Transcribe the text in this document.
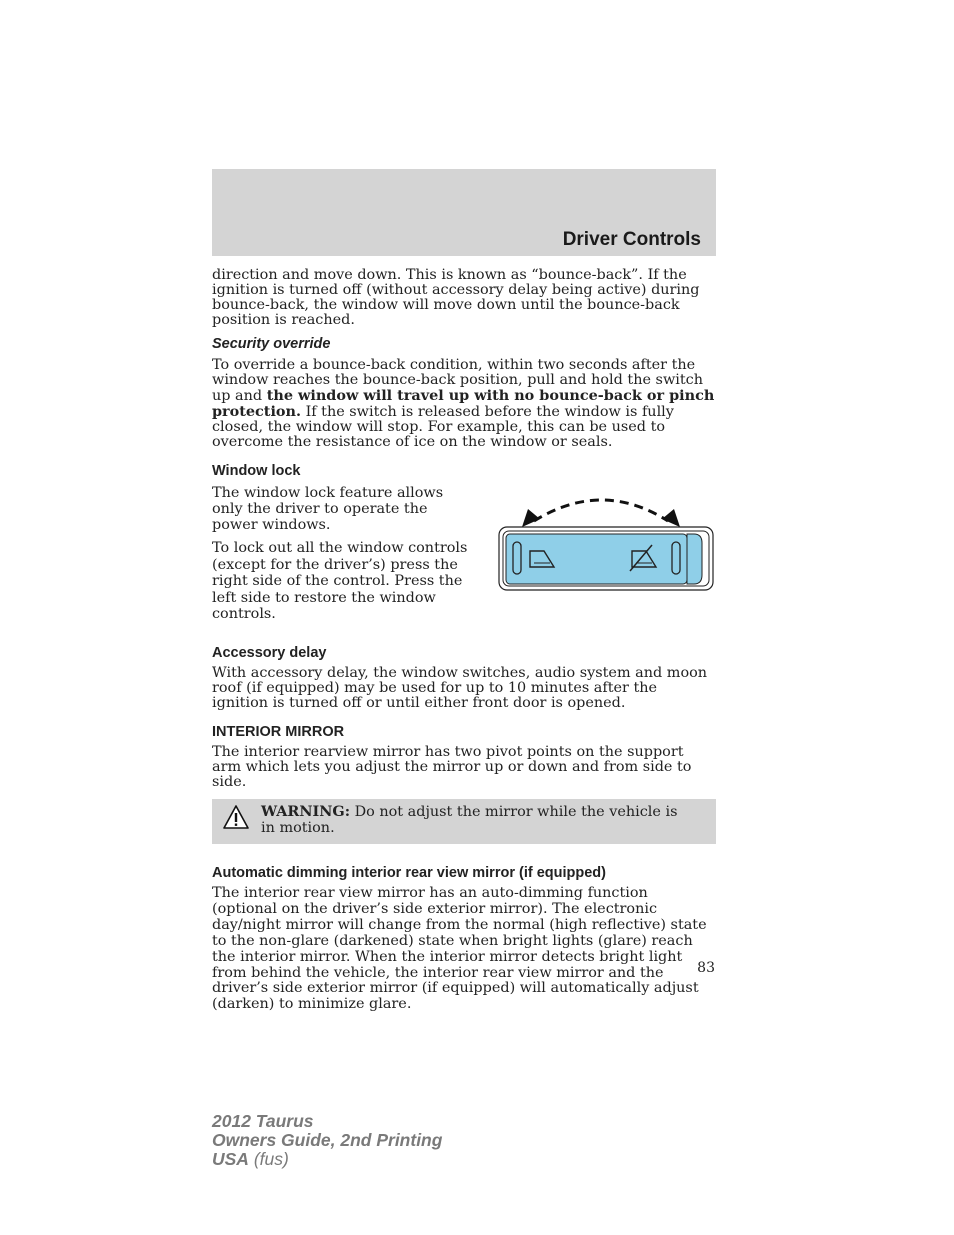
Driver Controls

direction and move down. This is known as “bounce-back”. If the ignition is turned off (without accessory delay being active) during bounce-back, the window will move down until the bounce-back position is reached.

Security override

To override a bounce-back condition, within two seconds after the window reaches the bounce-back position, pull and hold the switch up and the window will travel up with no bounce-back or pinch protection. If the switch is released before the window is fully closed, the window will stop. For example, this can be used to overcome the resistance of ice on the window or seals.

Window lock

The window lock feature allows only the driver to operate the power windows.

To lock out all the window controls (except for the driver’s) press the right side of the control. Press the left side to restore the window controls.

Accessory delay

With accessory delay, the window switches, audio system and moon roof (if equipped) may be used for up to 10 minutes after the ignition is turned off or until either front door is opened.

INTERIOR MIRROR

The interior rearview mirror has two pivot points on the support arm which lets you adjust the mirror up or down and from side to side.

WARNING: Do not adjust the mirror while the vehicle is in motion.

Automatic dimming interior rear view mirror (if equipped)

The interior rear view mirror has an auto-dimming function (optional on the driver’s side exterior mirror). The electronic day/night mirror will change from the normal (high reflective) state to the non-glare (darkened) state when bright lights (glare) reach the interior mirror. When the interior mirror detects bright light from behind the vehicle, the interior rear view mirror and the driver’s side exterior mirror (if equipped) will automatically adjust (darken) to minimize glare.

83
2012 Taurus
Owners Guide, 2nd Printing
USA (fus)
